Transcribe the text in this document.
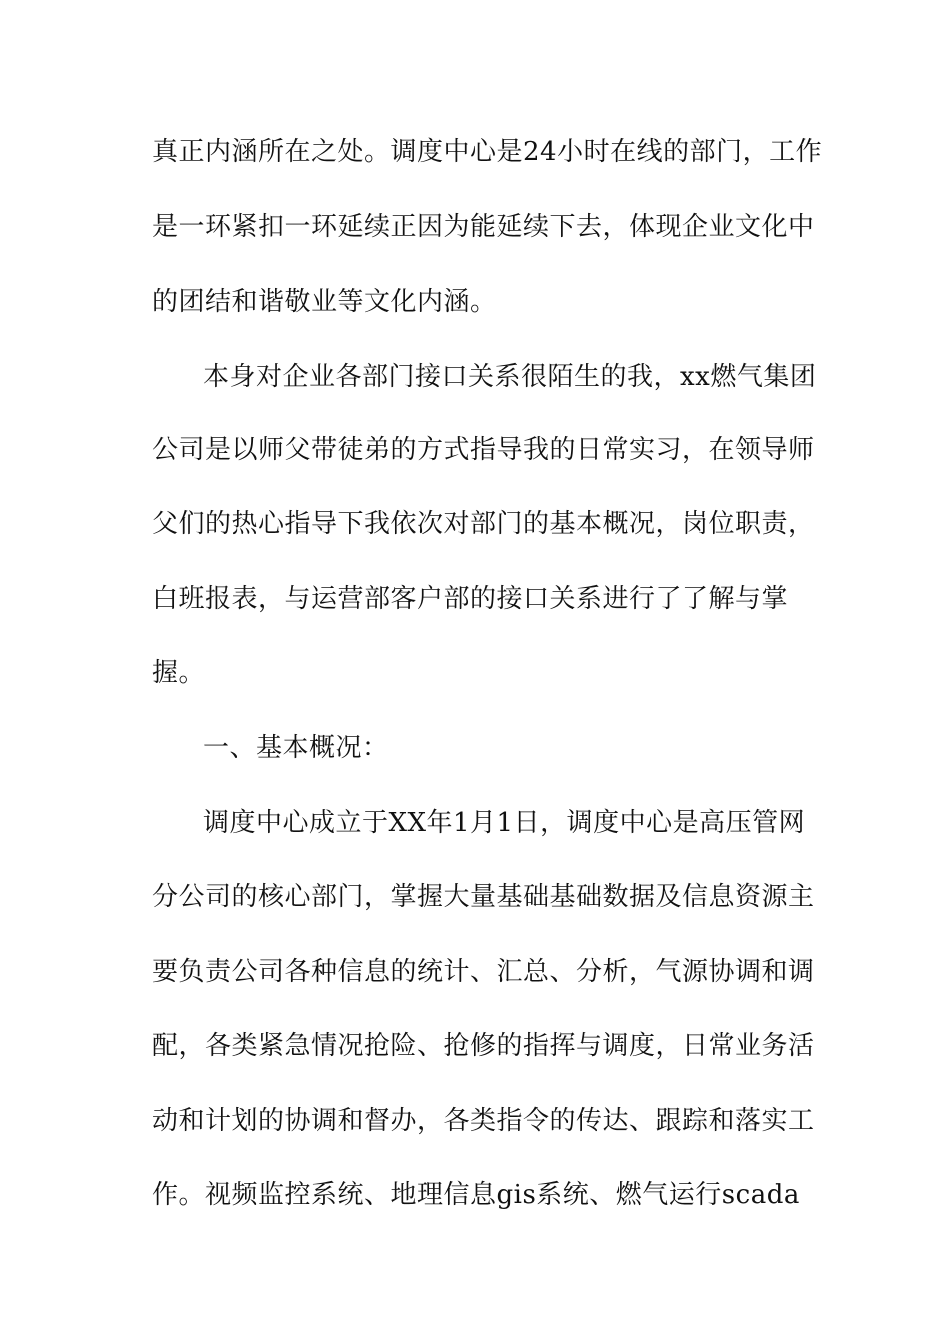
真正内涵所在之处。调度中心是24小时在线的部门，工作
是一环紧扣一环延续正因为能延续下去，体现企业文化中
的团结和谐敬业等文化内涵。
本身对企业各部门接口关系很陌生的我，xx燃气集团
公司是以师父带徒弟的方式指导我的日常实习，在领导师
父们的热心指导下我依次对部门的基本概况，岗位职责，
白班报表，与运营部客户部的接口关系进行了了解与掌
握。
一、基本概况：
调度中心成立于XX年1月1日，调度中心是高压管网
分公司的核心部门，掌握大量基础基础数据及信息资源主
要负责公司各种信息的统计、汇总、分析，气源协调和调
配，各类紧急情况抢险、抢修的指挥与调度，日常业务活
动和计划的协调和督办，各类指令的传达、跟踪和落实工
作。视频监控系统、地理信息gis系统、燃气运行scada
